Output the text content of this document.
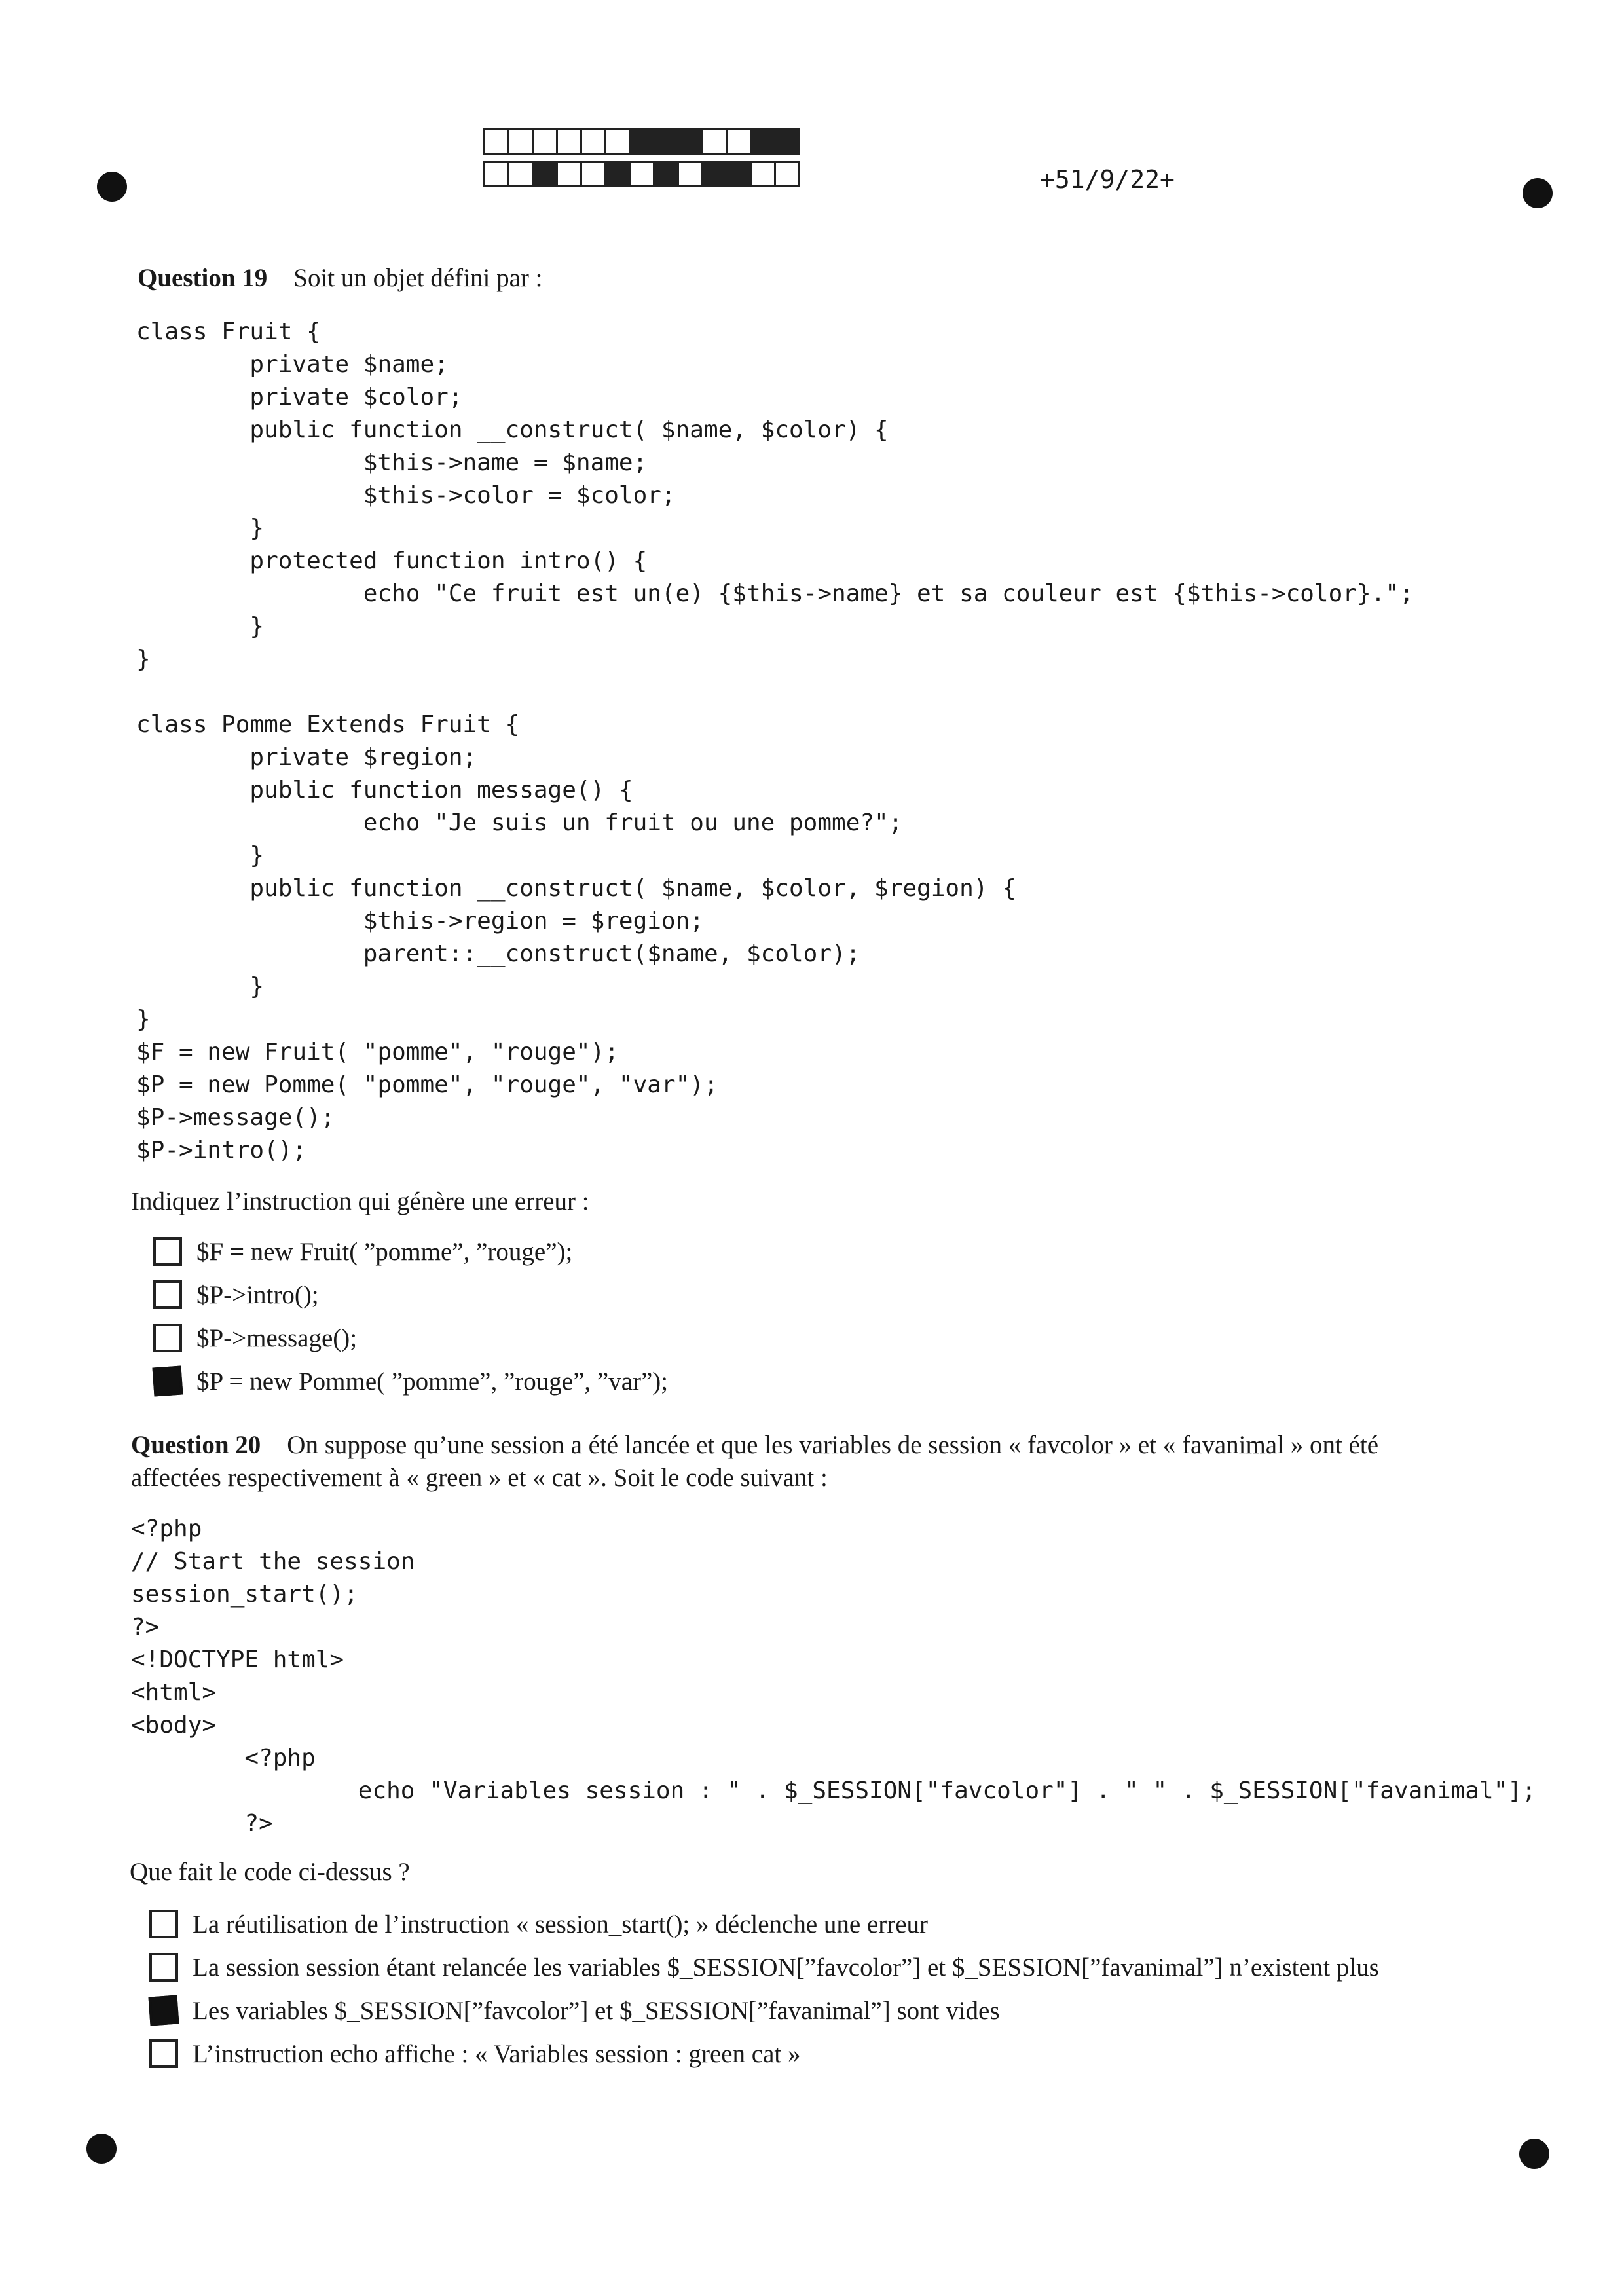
+51/9/22+
Question 19 Soit un objet défini par :
class Fruit {
private $name;
private $color;
public function __construct( $name, $color) {
$this->name = $name;
$this->color = $color;
}
protected function intro() {
echo "Ce fruit est un(e) {$this->name} et sa couleur est {$this->color}.";
}
}
class Pomme Extends Fruit {
private $region;
public function message() {
echo "Je suis un fruit ou une pomme?";
}
public function __construct( $name, $color, $region) {
$this->region = $region;
parent::__construct($name, $color);
}
}
$F = new Fruit( "pomme", "rouge");
$P = new Pomme( "pomme", "rouge", "var");
$P->message();
$P->intro();
Indiquez l’instruction qui génère une erreur :
$F = new Fruit( ”pomme”, ”rouge”);
$P->intro();
$P->message();
$P = new Pomme( ”pomme”, ”rouge”, ”var”);
Question 20 On suppose qu’une session a été lancée et que les variables de session « favcolor » et « favanimal » ont été
affectées respectivement à « green » et « cat ». Soit le code suivant :
<?php
// Start the session
session_start();
?>
<!DOCTYPE html>
<html>
<body>
<?php
echo "Variables session : " . $_SESSION["favcolor"] . " " . $_SESSION["favanimal"];
?>
Que fait le code ci-dessus ?
La réutilisation de l’instruction « session_start(); » déclenche une erreur
La session session étant relancée les variables $_SESSION[”favcolor”] et $_SESSION[”favanimal”] n’existent plus
Les variables $_SESSION[”favcolor”] et $_SESSION[”favanimal”] sont vides
L’instruction echo affiche : « Variables session : green cat »
